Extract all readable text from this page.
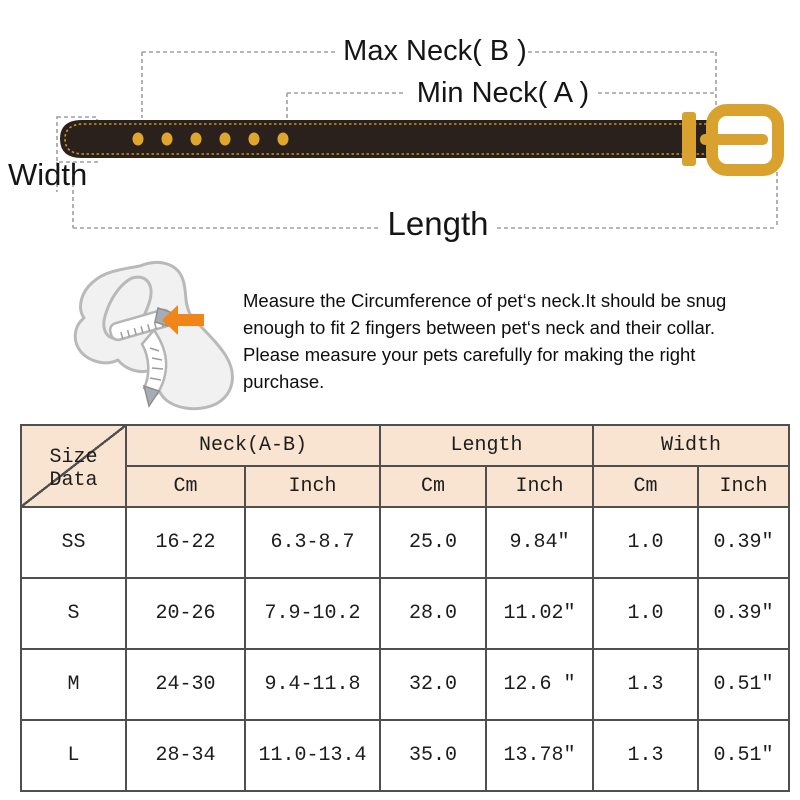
Max Neck( B )
Min Neck( A )
Width
Length
Measure the Circumference of pet‘s neck.It should be snug
enough to fit 2 fingers between pet‘s neck and their collar.
Please measure your pets carefully for making the right
purchase.
Size Data	Neck(A-B)		Length		Width	
	Cm	Inch	Cm	Inch	Cm	Inch
SS	16-22	6.3-8.7	25.0	9.84″	1.0	0.39″
S	20-26	7.9-10.2	28.0	11.02″	1.0	0.39″
M	24-30	9.4-11.8	32.0	12.6 ″	1.3	0.51″
L	28-34	11.0-13.4	35.0	13.78″	1.3	0.51″
